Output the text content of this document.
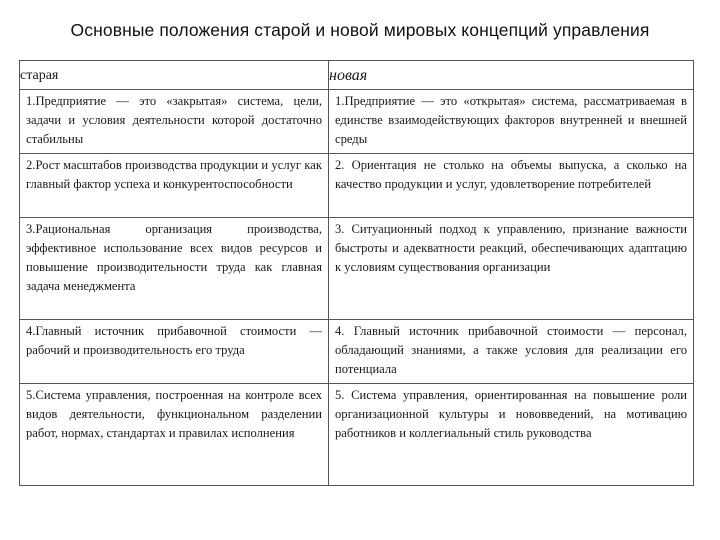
Основные положения старой и новой мировых концепций управления
старая	новая
1.Предприятие — это «закрытая» система, цели, задачи и условия деятельности которой достаточно стабильны	1.Предприятие — это «открытая» система, рассматриваемая в единстве взаимодействующих факторов внутренней и внешней среды
2.Рост масштабов производства продукции и услуг как главный фактор успеха и конкурентоспособности	2. Ориентация не столько на объемы выпуска, а сколько на качество продукции и услуг, удовлетворение потребителей
3.Рациональная организация производства, эффективное использование всех видов ресурсов и повышение производительности труда как главная задача менеджмента	3. Ситуационный подход к управлению, признание важности быстроты и адекватности реакций, обеспечивающих адаптацию к условиям существования организации
4.Главный источник прибавочной стоимости — рабочий и производительность его труда	4. Главный источник прибавочной стоимости — персонал, обладающий знаниями, а также условия для реализации его потенциала
5.Система управления, построенная на контроле всех видов деятельности, функциональном разделении работ, нормах, стандартах и правилах исполнения	5. Система управления, ориентированная на повышение роли организационной культуры и нововведений, на мотивацию работников и коллегиальный стиль руководства
